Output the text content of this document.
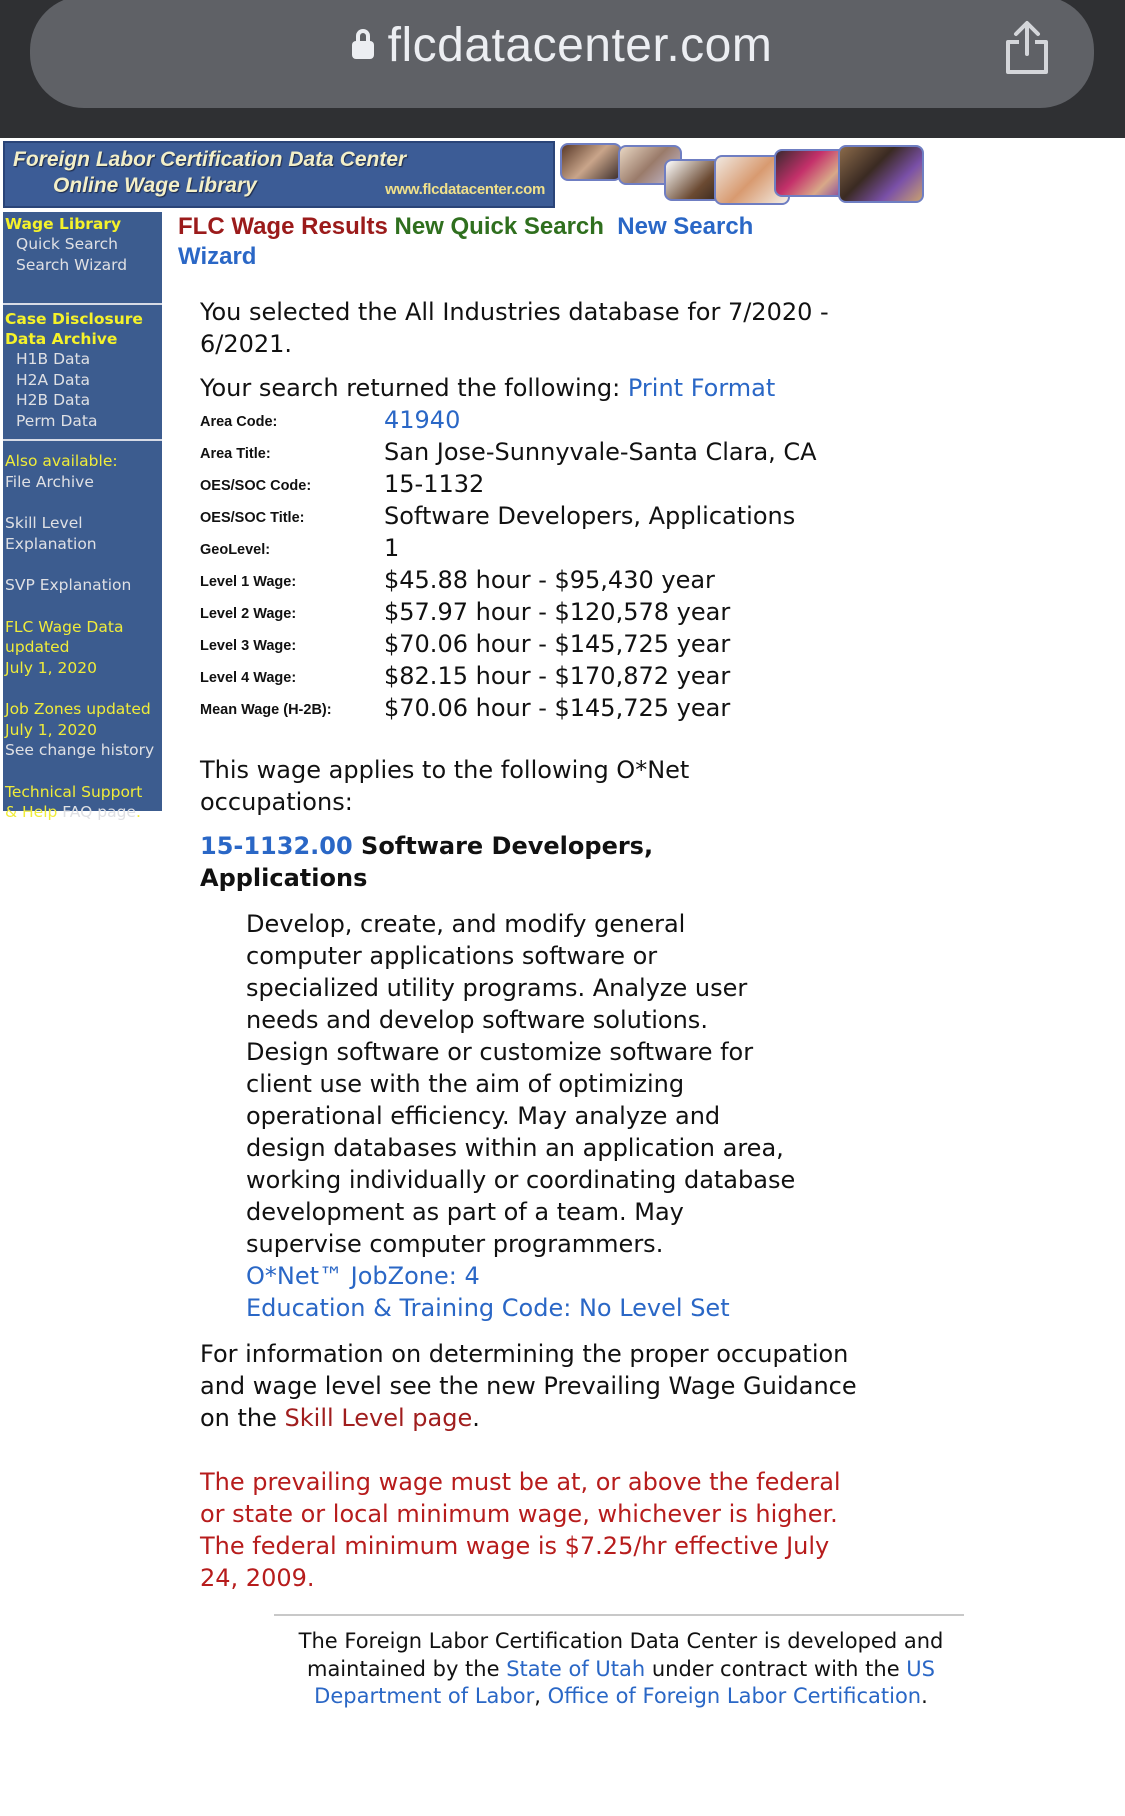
flcdatacenter.com
Foreign Labor Certification Data Center
Online Wage Library	www.flcdatacenter.com
Wage Library
Quick Search
Search Wizard
Case Disclosure
Data Archive
H1B Data
H2A Data
H2B Data
Perm Data
Also available:
File Archive
Skill Level
Explanation
SVP Explanation
FLC Wage Data
updated
July 1, 2020
Job Zones updated
July 1, 2020
See change history
Technical Support
& Help FAQ page.
FLC Wage Results New Quick Search New Search Wizard
You selected the All Industries database for 7/2020 - 6/2021.
Your search returned the following: Print Format
Area Code:	41940
Area Title:	San Jose-Sunnyvale-Santa Clara, CA
OES/SOC Code:	15-1132
OES/SOC Title:	Software Developers, Applications
GeoLevel:	1
Level 1 Wage:	$45.88 hour - $95,430 year
Level 2 Wage:	$57.97 hour - $120,578 year
Level 3 Wage:	$70.06 hour - $145,725 year
Level 4 Wage:	$82.15 hour - $170,872 year
Mean Wage (H-2B):	$70.06 hour - $145,725 year
This wage applies to the following O*Net occupations:
15-1132.00 Software Developers, Applications
Develop, create, and modify general computer applications software or specialized utility programs. Analyze user needs and develop software solutions. Design software or customize software for client use with the aim of optimizing operational efficiency. May analyze and design databases within an application area, working individually or coordinating database development as part of a team. May supervise computer programmers.
O*Net™ JobZone: 4
Education & Training Code: No Level Set
For information on determining the proper occupation and wage level see the new Prevailing Wage Guidance on the Skill Level page.
The prevailing wage must be at, or above the federal or state or local minimum wage, whichever is higher. The federal minimum wage is $7.25/hr effective July 24, 2009.
The Foreign Labor Certification Data Center is developed and maintained by the State of Utah under contract with the US Department of Labor, Office of Foreign Labor Certification.
